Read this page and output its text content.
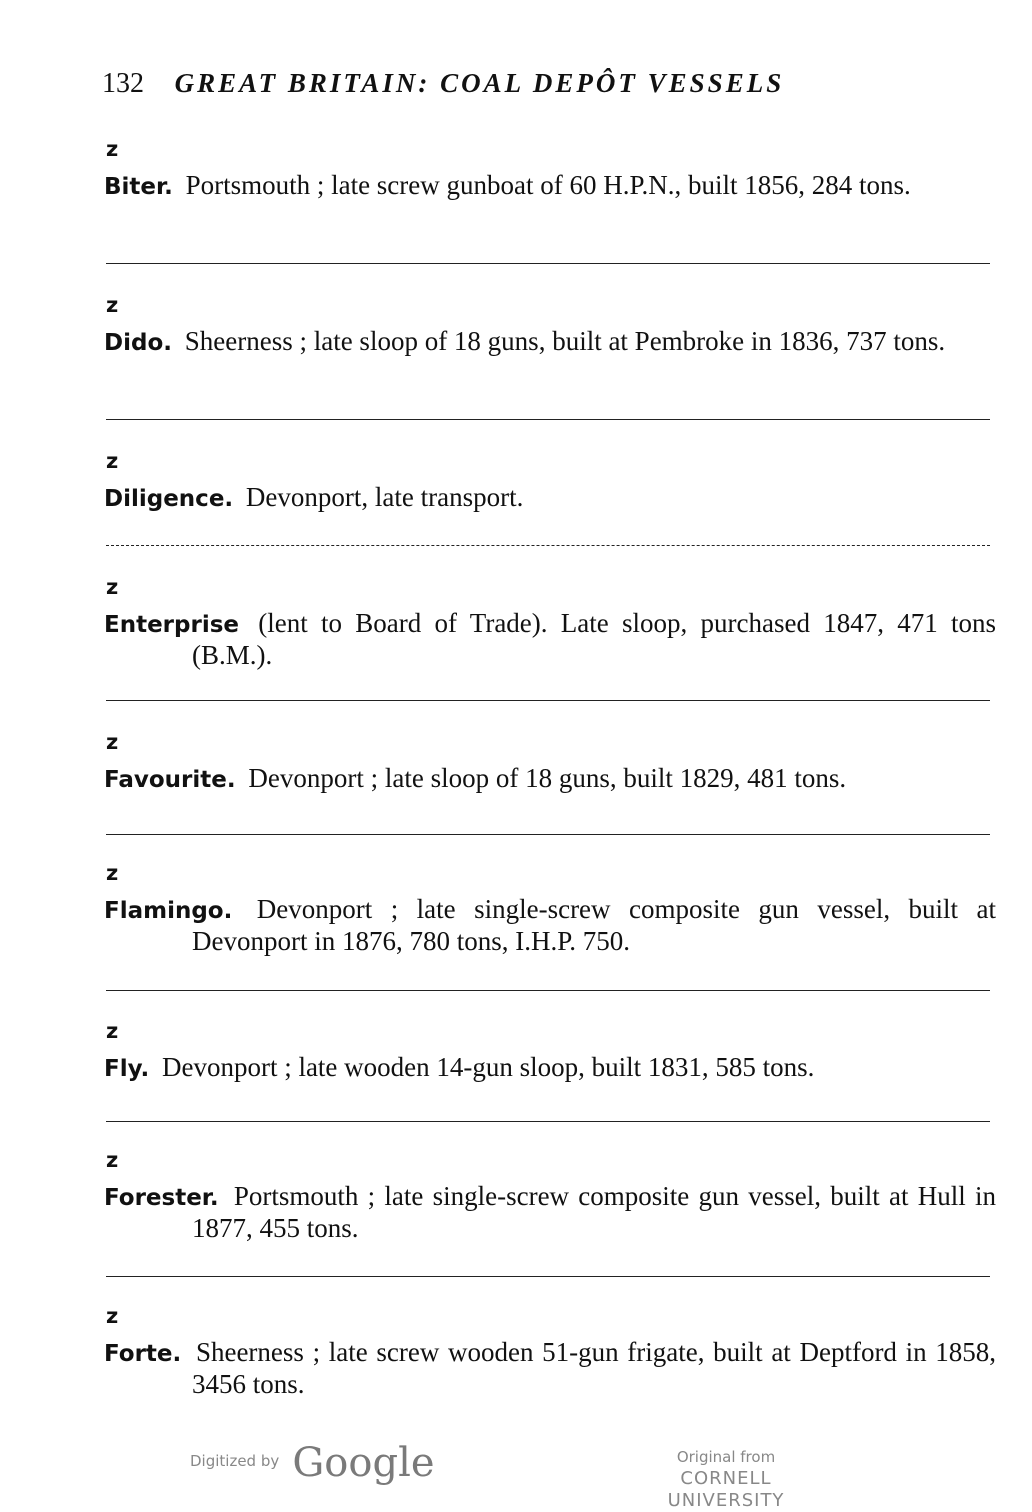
132 GREAT BRITAIN: COAL DEPÔT VESSELS
z
Biter. Portsmouth ; late screw gunboat of 60 H.P.N., built 1856, 284 tons.
z
Dido. Sheerness ; late sloop of 18 guns, built at Pembroke in 1836, 737 tons.
z
Diligence. Devonport, late transport.
z
Enterprise (lent to Board of Trade). Late sloop, purchased 1847, 471 tons (B.M.).
z
Favourite. Devonport ; late sloop of 18 guns, built 1829, 481 tons.
z
Flamingo. Devonport ; late single-screw composite gun vessel, built at Devonport in 1876, 780 tons, I.H.P. 750.
z
Fly. Devonport ; late wooden 14-gun sloop, built 1831, 585 tons.
z
Forester. Portsmouth ; late single-screw composite gun vessel, built at Hull in 1877, 455 tons.
z
Forte. Sheerness ; late screw wooden 51-gun frigate, built at Deptford in 1858, 3456 tons.
Digitized by Google	Original from
CORNELL UNIVERSITY
